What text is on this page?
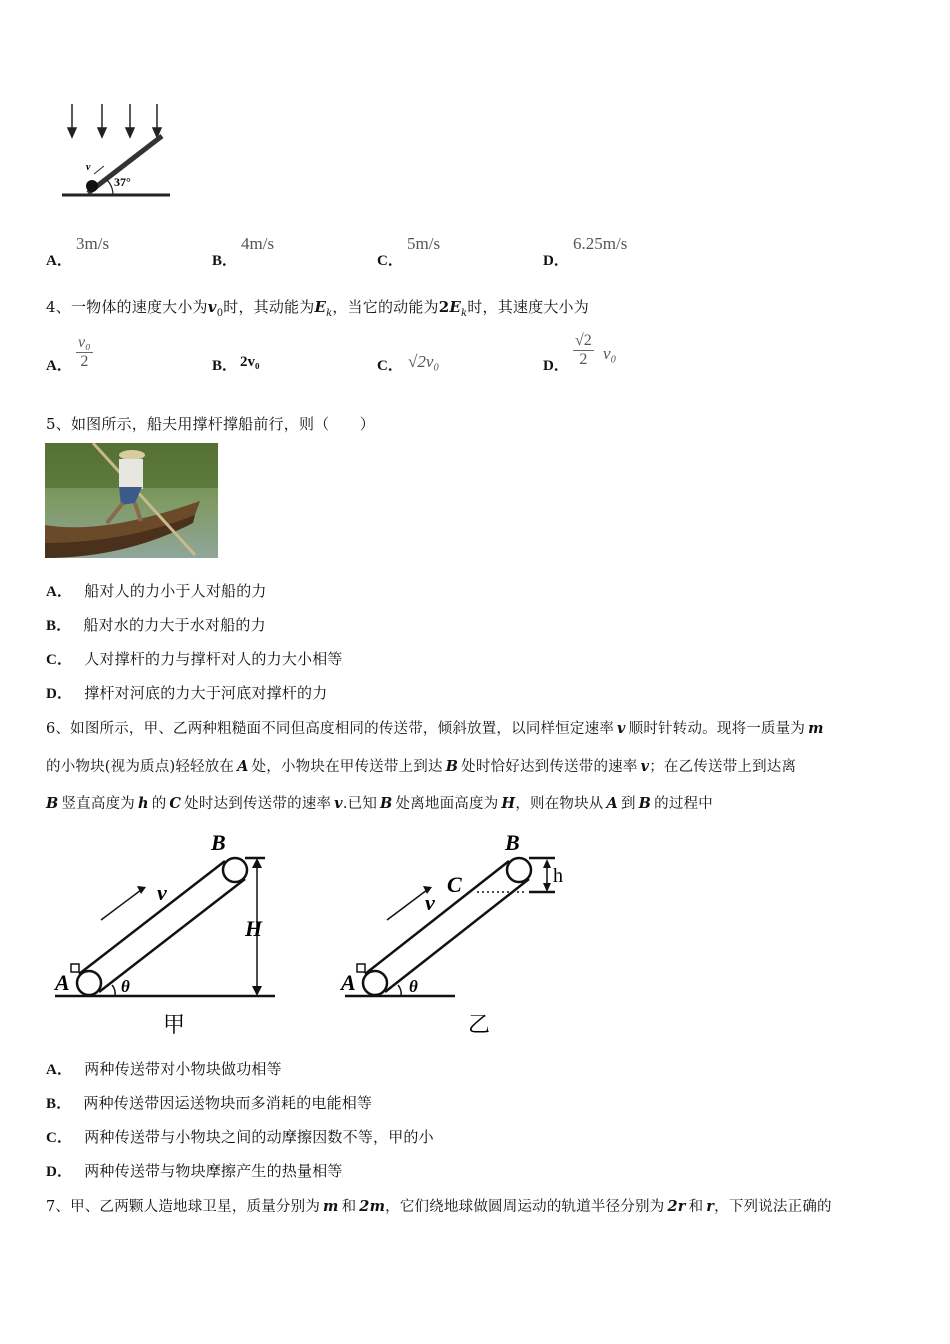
37°
v
A．
3m/s
B．
4m/s
C．
5m/s
D．
6.25m/s
4、一物体的速度大小为$v_0$时，其动能为$E_k$，当它的动能为$2E_k$时，其速度大小为
A． $\frac{\text{v₀}}{2}$	B． 2v₀	C． √2v₀	D． $\frac{√2}{2} v_0$
5、如图所示，船夫用撑杆撑船前行，则（　　）
A． 船对人的力小于人对船的力
B． 船对水的力大于水对船的力
C． 人对撑杆的力与撑杆对人的力大小相等
D． 撑杆对河底的力大于河底对撑杆的力
6、如图所示，甲、乙两种粗糙面不同但高度相同的传送带，倾斜放置，以同样恒定速率 v 顺时针转动。现将一质量为 m
的小物块(视为质点)轻轻放在 A 处，小物块在甲传送带上到达 B 处时恰好达到传送带的速率 v；在乙传送带上到达离
B 竖直高度为 h 的 C 处时达到传送带的速率 v.已知 B 处离地面高度为 H，则在物块从 A 到 B 的过程中
A
B
v
H
θ
甲
A
B
C
v
h
θ
乙
A． 两种传送带对小物块做功相等
B． 两种传送带因运送物块而多消耗的电能相等
C． 两种传送带与小物块之间的动摩擦因数不等，甲的小
D． 两种传送带与物块摩擦产生的热量相等
7、甲、乙两颗人造地球卫星，质量分别为 m 和 2m，它们绕地球做圆周运动的轨道半径分别为 2r 和 r，下列说法正确的
